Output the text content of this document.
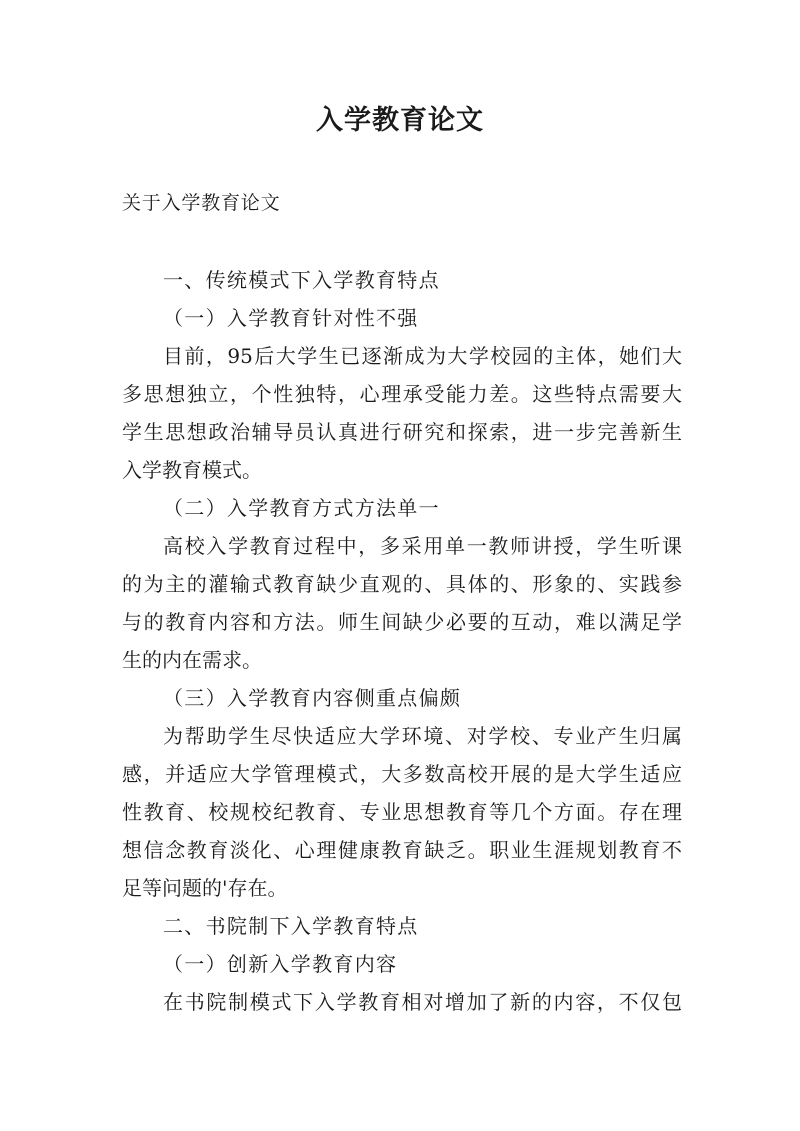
入学教育论文
关于入学教育论文
一、传统模式下入学教育特点
（一）入学教育针对性不强
目前，95后大学生已逐渐成为大学校园的主体，她们大
多思想独立，个性独特，心理承受能力差。这些特点需要大
学生思想政治辅导员认真进行研究和探索，进一步完善新生
入学教育模式。
（二）入学教育方式方法单一
高校入学教育过程中，多采用单一教师讲授，学生听课
的为主的灌输式教育缺少直观的、具体的、形象的、实践参
与的教育内容和方法。师生间缺少必要的互动，难以满足学
生的内在需求。
（三）入学教育内容侧重点偏颇
为帮助学生尽快适应大学环境、对学校、专业产生归属
感，并适应大学管理模式，大多数高校开展的是大学生适应
性教育、校规校纪教育、专业思想教育等几个方面。存在理
想信念教育淡化、心理健康教育缺乏。职业生涯规划教育不
足等问题的'存在。
二、书院制下入学教育特点
（一）创新入学教育内容
在书院制模式下入学教育相对增加了新的内容，不仅包
